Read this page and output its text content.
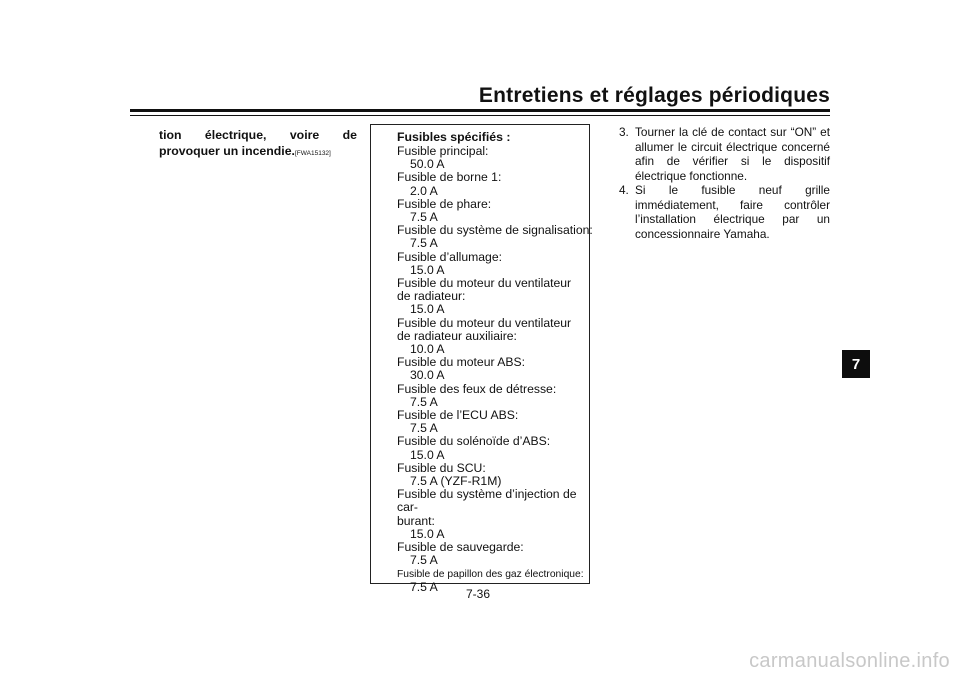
Entretiens et réglages périodiques

tion électrique, voire de provoquer un incendie.[FWA15132]

Fusibles spécifiés :

Fusible principal:

50.0 A

Fusible de borne 1:

2.0 A

Fusible de phare:

7.5 A

Fusible du système de signalisation:

7.5 A

Fusible d’allumage:

15.0 A

Fusible du moteur du ventilateur de radiateur:

15.0 A

Fusible du moteur du ventilateur de radiateur auxiliaire:

10.0 A

Fusible du moteur ABS:

30.0 A

Fusible des feux de détresse:

7.5 A

Fusible de l’ECU ABS:

7.5 A

Fusible du solénoïde d’ABS:

15.0 A

Fusible du SCU:

7.5 A (YZF-R1M)

Fusible du système d’injection de car-
burant:

15.0 A

Fusible de sauvegarde:

7.5 A

Fusible de papillon des gaz électronique:

7.5 A

3. Tourner la clé de contact sur “ON” et allumer le circuit électrique concerné afin de vérifier si le dispositif électrique fonctionne.
4. Si le fusible neuf grille immédiatement, faire contrôler l’installation électrique par un concessionnaire Yamaha.

7-36

7

carmanualsonline.info
